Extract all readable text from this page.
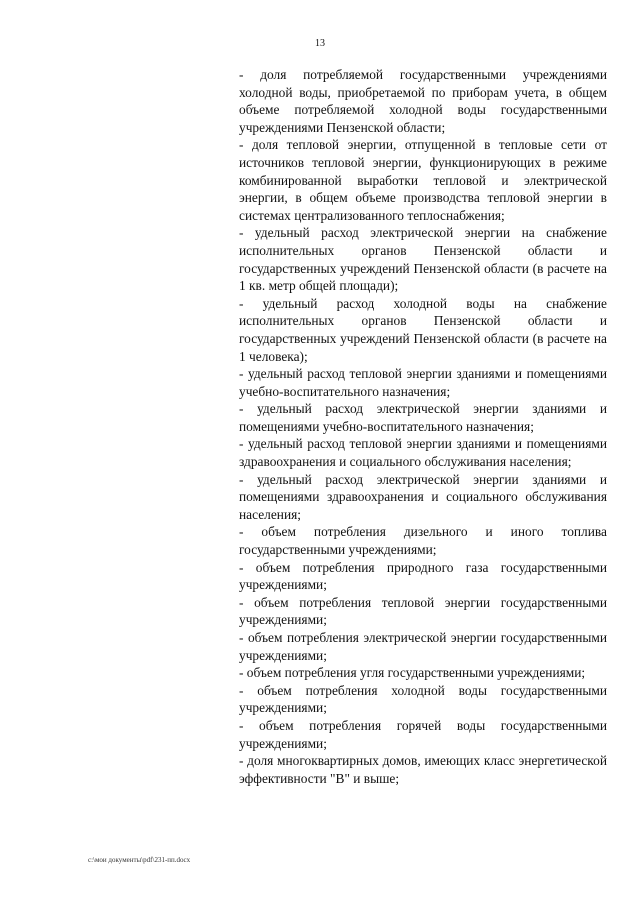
13

- доля потребляемой государственными учреждениями холодной воды, приобретаемой по приборам учета, в общем объеме потребляемой холодной воды государственными учреждениями Пензенской области;

- доля тепловой энергии, отпущенной в тепловые сети от источников тепловой энергии, функционирующих в режиме комбинированной выработки тепловой и электрической энергии, в общем объеме производства тепловой энергии в системах централизованного теплоснабжения;

- удельный расход электрической энергии на снабжение исполнительных органов Пензенской области и государственных учреждений Пензенской области (в расчете на 1 кв. метр общей площади);

- удельный расход холодной воды на снабжение исполнительных органов Пензенской области и государственных учреждений Пензенской области (в расчете на 1 человека);

- удельный расход тепловой энергии зданиями и помещениями учебно-воспитательного назначения;

- удельный расход электрической энергии зданиями и помещениями учебно-воспитательного назначения;

- удельный расход тепловой энергии зданиями и помещениями здравоохранения и социального обслуживания населения;

- удельный расход электрической энергии зданиями и помещениями здравоохранения и социального обслуживания населения;

- объем потребления дизельного и иного топлива государственными учреждениями;

- объем потребления природного газа государственными учреждениями;

- объем потребления тепловой энергии государственными учреждениями;

- объем потребления электрической энергии государственными учреждениями;

- объем потребления угля государственными учреждениями;

- объем потребления холодной воды государственными учреждениями;

- объем потребления горячей воды государственными учреждениями;

- доля многоквартирных домов, имеющих класс энергетической эффективности "В" и выше;

c:\мои документы\рdf\231-пп.docx
